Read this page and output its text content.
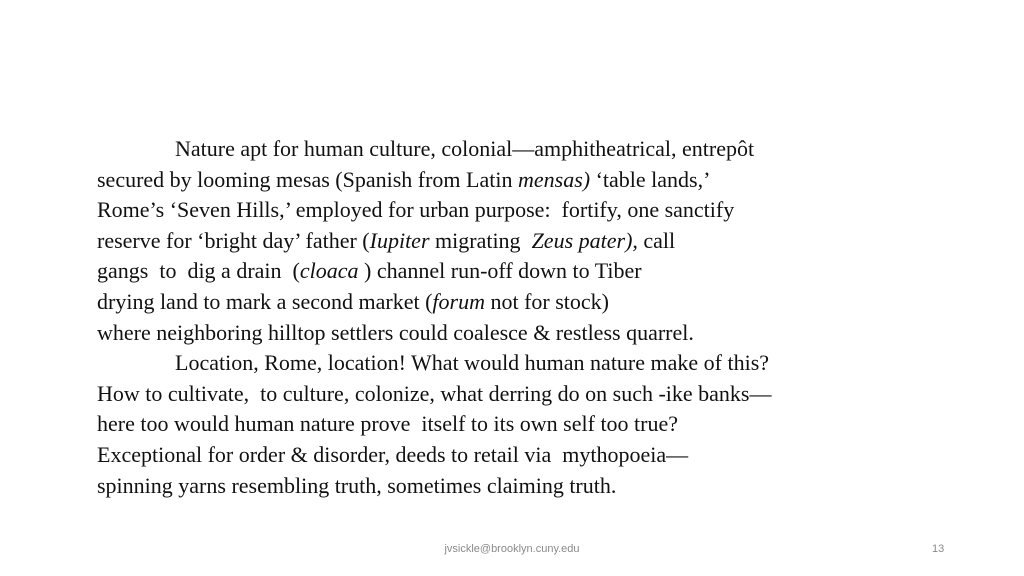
Nature apt for human culture, colonial—amphitheatrical, entrepôt
secured by looming mesas (Spanish from Latin mensas) ‘table lands,’
Rome’s ‘Seven Hills,’ employed for urban purpose:  fortify, one sanctify
reserve for ‘bright day’ father (Iupiter migrating  Zeus pater), call
gangs  to  dig a drain  (cloaca ) channel run-off down to Tiber
drying land to mark a second market (forum not for stock)
where neighboring hilltop settlers could coalesce & restless quarrel.
Location, Rome, location! What would human nature make of this?
How to cultivate,  to culture, colonize, what derring do on such -ike banks—
here too would human nature prove  itself to its own self too true?
Exceptional for order & disorder, deeds to retail via  mythopoeia—
spinning yarns resembling truth, sometimes claiming truth.
jvsickle@brooklyn.cuny.edu	13
